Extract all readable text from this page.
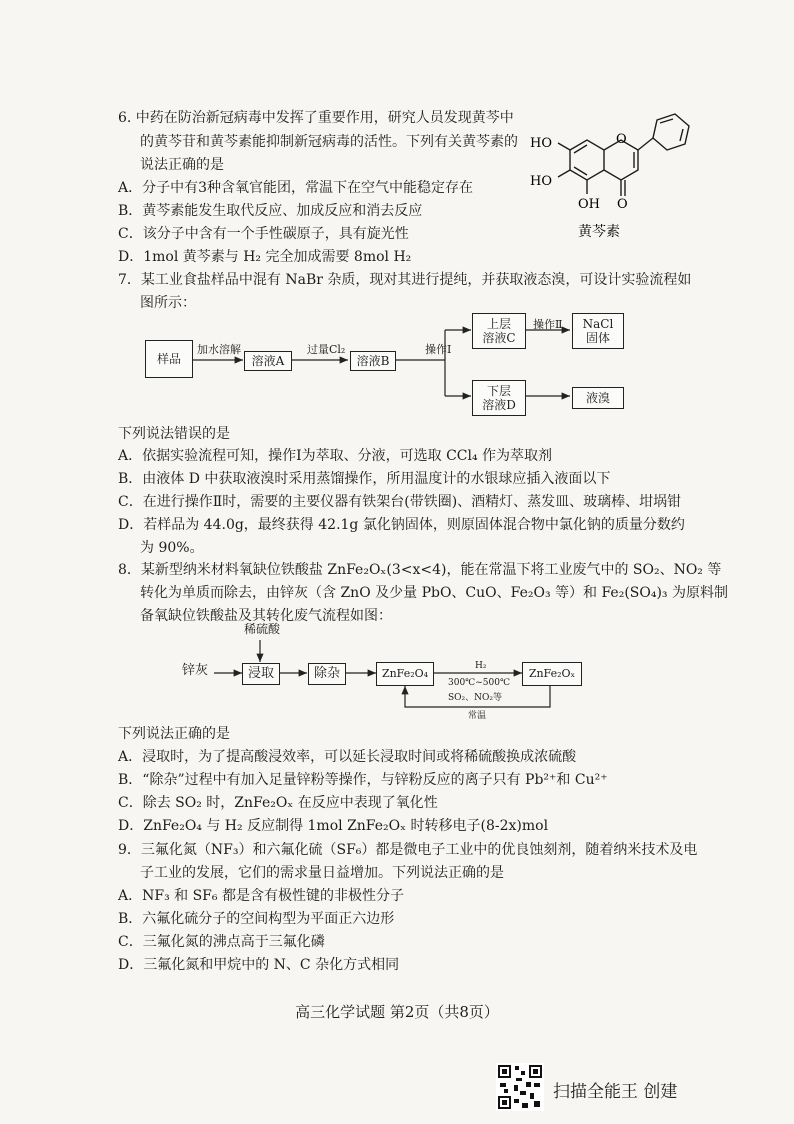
6. 中药在防治新冠病毒中发挥了重要作用，研究人员发现黄芩中
的黄芩苷和黄芩素能抑制新冠病毒的活性。下列有关黄芩素的
说法正确的是
A．分子中有3种含氧官能团，常温下在空气中能稳定存在
B．黄芩素能发生取代反应、加成反应和消去反应
C．该分子中含有一个手性碳原子，具有旋光性
D．1mol 黄芩素与 H₂ 完全加成需要 8mol H₂
O
HO
HO
OH O
黄芩素
7．某工业食盐样品中混有 NaBr 杂质，现对其进行提纯，并获取液态溴，可设计实验流程如
图所示：
样品
加水溶解
溶液A
过量Cl₂
溶液B
操作Ⅰ
上层
溶液C
操作Ⅱ NaCl
固体
下层
溶液D	液溴
下列说法错误的是
A．依据实验流程可知，操作Ⅰ为萃取、分液，可选取 CCl₄ 作为萃取剂
B．由液体 D 中获取液溴时采用蒸馏操作，所用温度计的水银球应插入液面以下
C．在进行操作Ⅱ时，需要的主要仪器有铁架台(带铁圈)、酒精灯、蒸发皿、玻璃棒、坩埚钳
D．若样品为 44.0g，最终获得 42.1g 氯化钠固体，则原固体混合物中氯化钠的质量分数约
为 90%。
8．某新型纳米材料氧缺位铁酸盐 ZnFe₂Oₓ(3<x<4)，能在常温下将工业废气中的 SO₂、NO₂ 等
转化为单质而除去，由锌灰（含 ZnO 及少量 PbO、CuO、Fe₂O₃ 等）和 Fe₂(SO₄)₃ 为原料制
备氧缺位铁酸盐及其转化废气流程如图：
稀硫酸
锌灰	浸取	除杂	ZnFe₂O₄
H₂
300℃~500℃
ZnFe₂Oₓ
SO₂、NO₂等
常温
下列说法正确的是
A．浸取时，为了提高酸浸效率，可以延长浸取时间或将稀硫酸换成浓硫酸
B．“除杂”过程中有加入足量锌粉等操作，与锌粉反应的离子只有 Pb²⁺和 Cu²⁺
C．除去 SO₂ 时，ZnFe₂Oₓ 在反应中表现了氧化性
D．ZnFe₂O₄ 与 H₂ 反应制得 1mol ZnFe₂Oₓ 时转移电子(8-2x)mol
9．三氟化氮（NF₃）和六氟化硫（SF₆）都是微电子工业中的优良蚀刻剂，随着纳米技术及电
子工业的发展，它们的需求量日益增加。下列说法正确的是
A．NF₃ 和 SF₆ 都是含有极性键的非极性分子
B．六氟化硫分子的空间构型为平面正六边形
C．三氟化氮的沸点高于三氟化磷
D．三氟化氮和甲烷中的 N、C 杂化方式相同
高三化学试题 第2页（共8页）
扫描全能王 创建
